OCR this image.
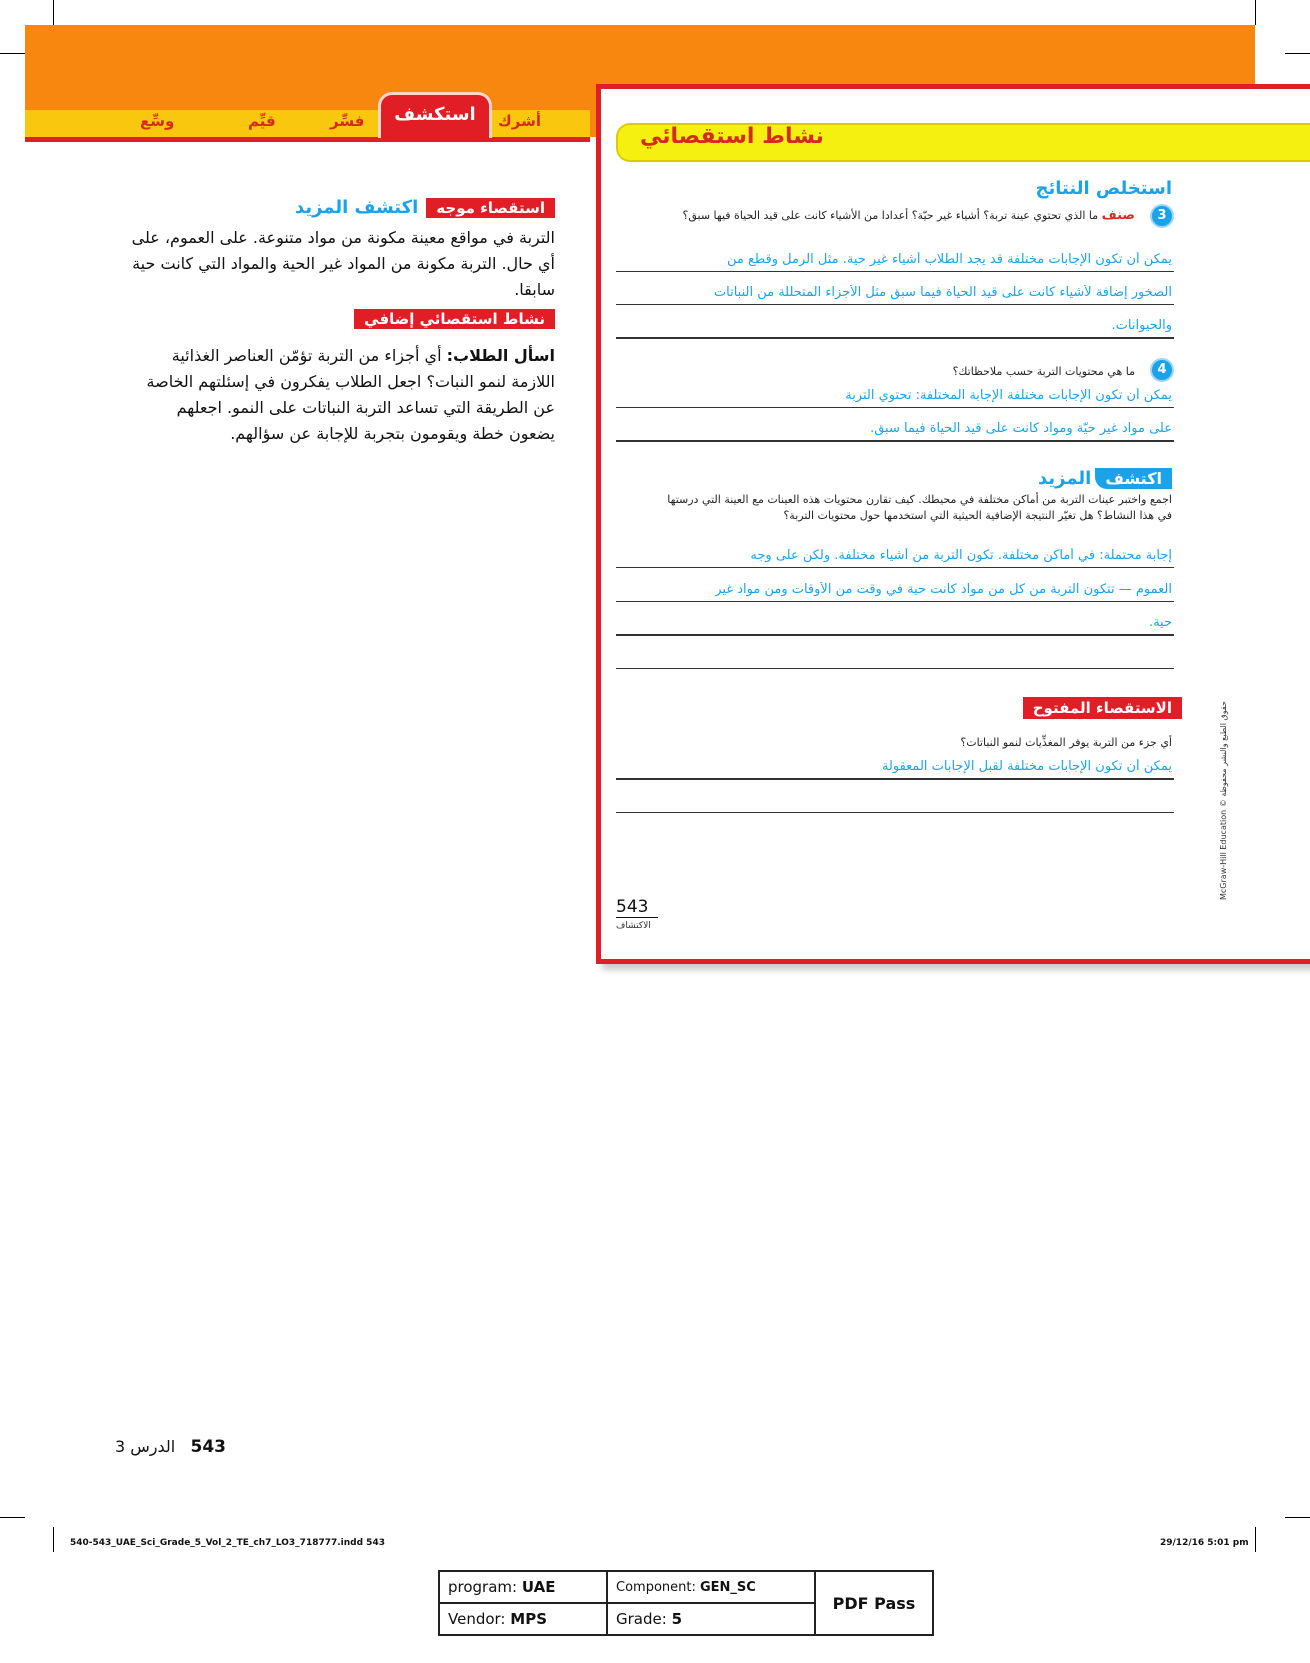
وسِّع	قيِّم	فسِّر	استكشف	أشرك
استقصاء موجه
اكتشف المزيد
التربة في مواقع معينة مكونة من مواد متنوعة. على العموم، على أي حال. التربة مكونة من المواد غير الحية والمواد التي كانت حية سابقا.
نشاط استقصائي إضافي
اسأل الطلاب: أي أجزاء من التربة تؤمّن العناصر الغذائية اللازمة لنمو النبات؟ اجعل الطلاب يفكرون في إسئلتهم الخاصة عن الطريقة التي تساعد التربة النباتات على النمو. اجعلهم يضعون خطة ويقومون بتجربة للإجابة عن سؤالهم.
نشاط استقصائي
استخلص النتائج
3
صنف ما الذي تحتوي عينة تربة؟ أشياء غير حيّة؟ أعدادا من الأشياء كانت على قيد الحياة فيها سبق؟
يمكن أن تكون الإجابات مختلفة قد يجد الطلاب أشياء غير حية. مثل الرمل وقطع من
الصخور إضافة لأشياء كانت على قيد الحياة فيما سبق مثل الأجزاء المتحللة من النباتات
والحيوانات.
4
ما هي محتويات التربة حسب ملاحظاتك؟
يمكن أن تكون الإجابات مختلفة الإجابة المختلفة: تحتوي التربة
على مواد غير حيّة ومواد كانت على قيد الحياة فيما سبق.
اكتشف
المزيد
اجمع واختبر عينات التربة من أماكن مختلفة في محيطك. كيف تقارن محتويات هذه العينات مع العينة التي درستها في هذا النشاط؟ هل تغيّر النتيجة الإضافية الحيثية التي استخدمها حول محتويات التربة؟
إجابة محتملة: في أماكن مختلفة. تكون التربة من أشياء مختلفة. ولكن على وجه
العموم — تتكون التربة من كل من مواد كانت حية في وقت من الأوقات ومن مواد غير
حية.
الاستقصاء المفتوح
أي جزء من التربة يوفر المغذِّيات لنمو النباتات؟
يمكن أن تكون الإجابات مختلفة لقبل الإجابات المعقولة
543
الاكتشاف
McGraw-Hill Education © حقوق الطبع والنشر محفوظة
543   الدرس 3
540-543_UAE_Sci_Grade_5_Vol_2_TE_ch7_LO3_718777.indd 543	29/12/16 5:01 pm
program: UAE	Component: GEN_SC	PDF Pass
Vendor: MPS	Grade: 5	
